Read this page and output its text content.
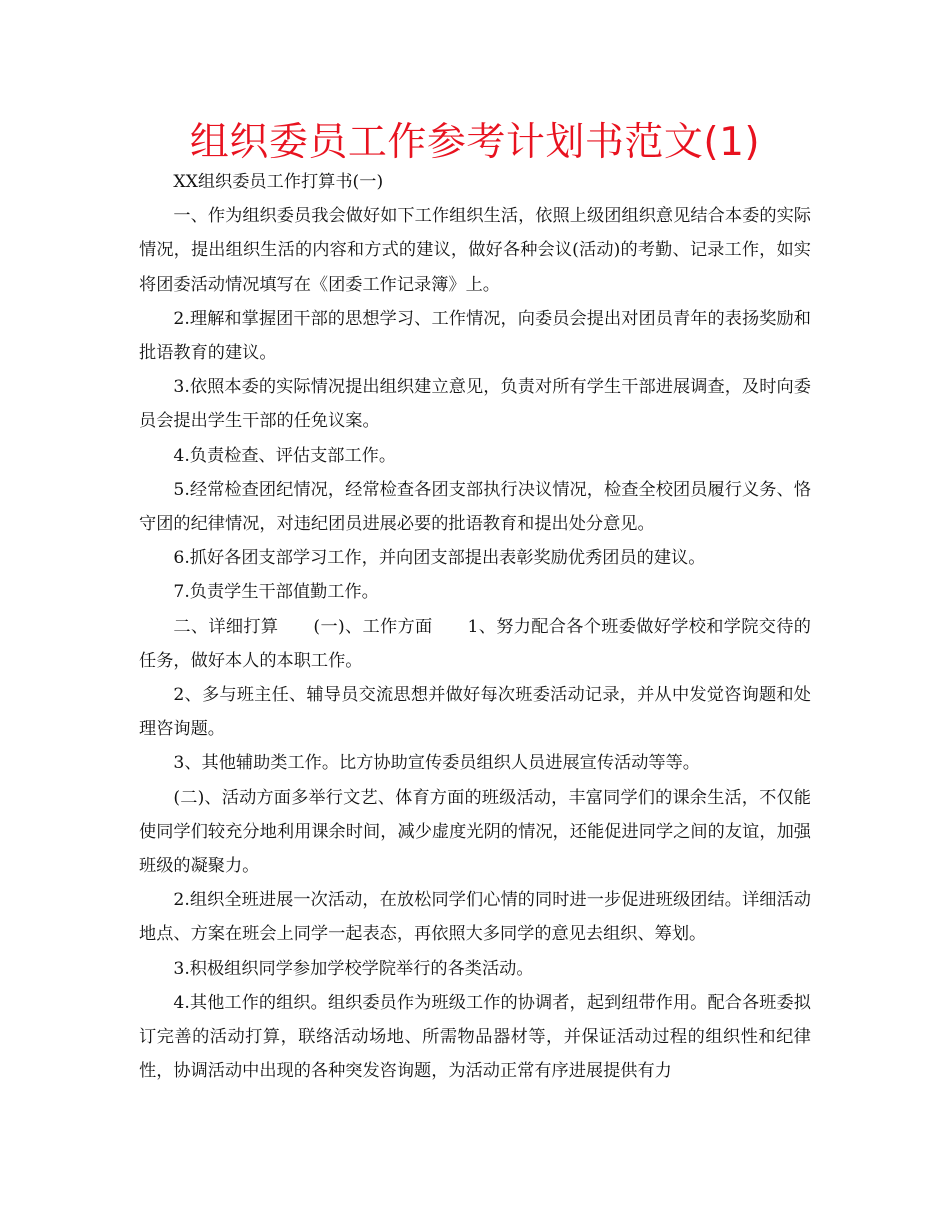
组织委员工作参考计划书范文(1)

XX组织委员工作打算书(一)

一、作为组织委员我会做好如下工作组织生活，依照上级团组织意见结合本委的实际情况，提出组织生活的内容和方式的建议，做好各种会议(活动)的考勤、记录工作，如实将团委活动情况填写在《团委工作记录簿》上。

2.理解和掌握团干部的思想学习、工作情况，向委员会提出对团员青年的表扬奖励和批语教育的建议。

3.依照本委的实际情况提出组织建立意见，负责对所有学生干部进展调查，及时向委员会提出学生干部的任免议案。

4.负责检查、评估支部工作。

5.经常检查团纪情况，经常检查各团支部执行决议情况，检查全校团员履行义务、恪守团的纪律情况，对违纪团员进展必要的批语教育和提出处分意见。

6.抓好各团支部学习工作，并向团支部提出表彰奖励优秀团员的建议。

7.负责学生干部值勤工作。

二、详细打算　　(一)、工作方面　　1、努力配合各个班委做好学校和学院交待的任务，做好本人的本职工作。

2、多与班主任、辅导员交流思想并做好每次班委活动记录，并从中发觉咨询题和处理咨询题。

3、其他辅助类工作。比方协助宣传委员组织人员进展宣传活动等等。

(二)、活动方面多举行文艺、体育方面的班级活动，丰富同学们的课余生活，不仅能使同学们较充分地利用课余时间，减少虚度光阴的情况，还能促进同学之间的友谊，加强班级的凝聚力。

2.组织全班进展一次活动，在放松同学们心情的同时进一步促进班级团结。详细活动地点、方案在班会上同学一起表态，再依照大多同学的意见去组织、筹划。

3.积极组织同学参加学校学院举行的各类活动。

4.其他工作的组织。组织委员作为班级工作的协调者，起到纽带作用。配合各班委拟订完善的活动打算，联络活动场地、所需物品器材等，并保证活动过程的组织性和纪律性，协调活动中出现的各种突发咨询题，为活动正常有序进展提供有力
